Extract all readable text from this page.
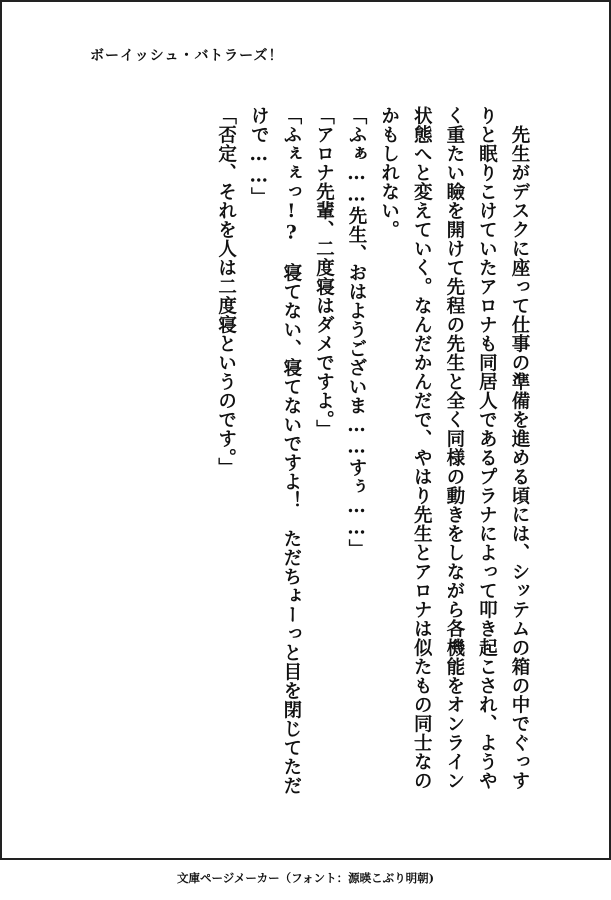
ボーイッシュ・バトラーズ！

　先生がデスクに座って仕事の準備を進める頃には、シッテムの箱の中でぐっす

りと眠りこけていたアロナも同居人であるプラナによって叩き起こされ、ようや

く重たい瞼を開けて先程の先生と全く同様の動きをしながら各機能をオンライン

状態へと変えていく。なんだかんだで、やはり先生とアロナは似たもの同士なの

かもしれない。

「ふぁ……先生、おはようございま……すぅ……」

「アロナ先輩、二度寝はダメですよ。」

「ふぇぇっ!?　寝てない、寝てないですよ！　ただちょーっと目を閉じてただ

けで……」

「否定、それを人は二度寝というのです。」

文庫ページメーカー（フォント：源暎こぶり明朝)
